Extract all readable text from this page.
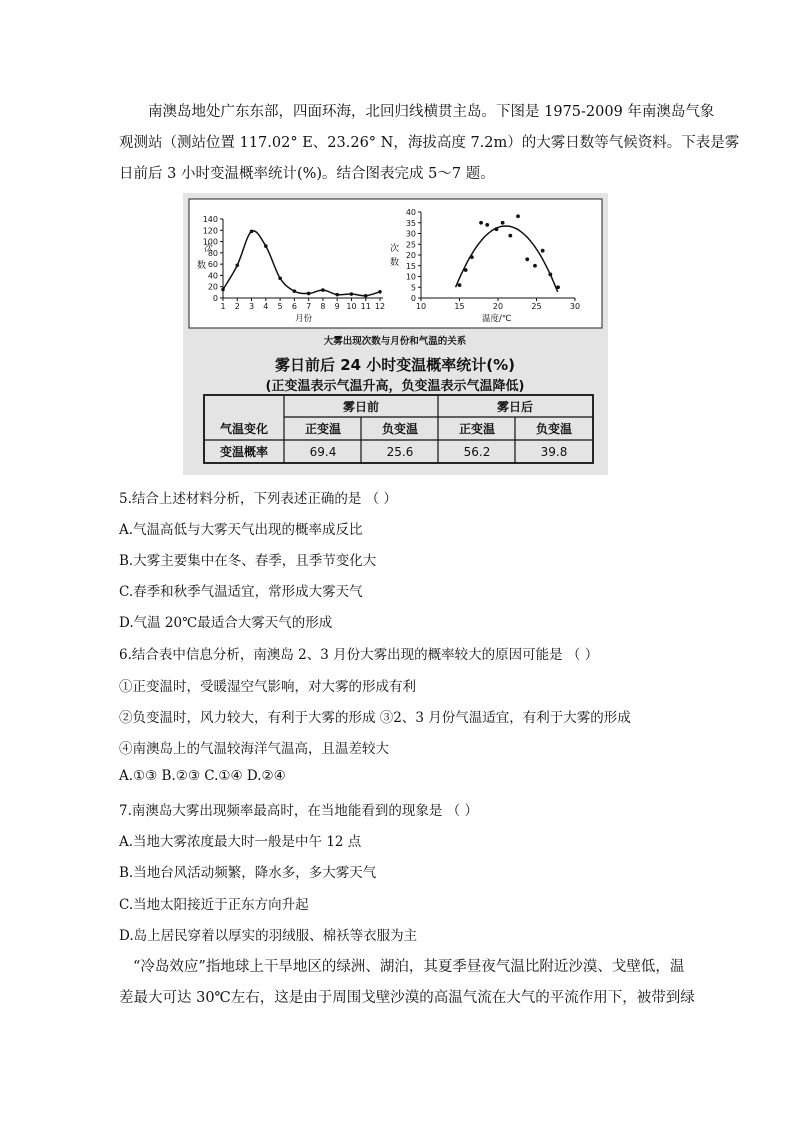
南澳岛地处广东东部，四面环海，北回归线横贯主岛。下图是 1975-2009 年南澳岛气象
观测站（测站位置 117.02° E、23.26° N，海拔高度 7.2m）的大雾日数等气候资料。下表是雾
日前后 3 小时变温概率统计(%)。结合图表完成 5～7 题。
次
数
月份
0
20
40
60
80
100
120
140
1 2 3 4 5 6 7 8 9 10 11 12
次
数
温度/℃
0
5
10
15
20
25
30
35
40
10	15	20	25	30
大雾出现次数与月份和气温的关系
雾日前后 24 小时变温概率统计(%)
(正变温表示气温升高，负变温表示气温降低)
雾日前	雾日后
气温变化	正变温	负变温	正变温	负变温
变温概率	69.4	25.6	56.2	39.8
5.结合上述材料分析，下列表述正确的是 （ ）
A.气温高低与大雾天气出现的概率成反比
B.大雾主要集中在冬、春季，且季节变化大
C.春季和秋季气温适宜，常形成大雾天气
D.气温 20℃最适合大雾天气的形成
6.结合表中信息分析，南澳岛 2、3 月份大雾出现的概率较大的原因可能是 （ ）
①正变温时，受暖湿空气影响，对大雾的形成有利
②负变温时，风力较大，有利于大雾的形成 ③2、3 月份气温适宜，有利于大雾的形成
④南澳岛上的气温较海洋气温高，且温差较大
A.①③ B.②③ C.①④ D.②④
7.南澳岛大雾出现频率最高时，在当地能看到的现象是 （ ）
A.当地大雾浓度最大时一般是中午 12 点
B.当地台风活动频繁，降水多，多大雾天气
C.当地太阳接近于正东方向升起
D.岛上居民穿着以厚实的羽绒服、棉袄等衣服为主
“冷岛效应”指地球上干旱地区的绿洲、湖泊，其夏季昼夜气温比附近沙漠、戈壁低，温
差最大可达 30℃左右，这是由于周围戈壁沙漠的高温气流在大气的平流作用下，被带到绿
